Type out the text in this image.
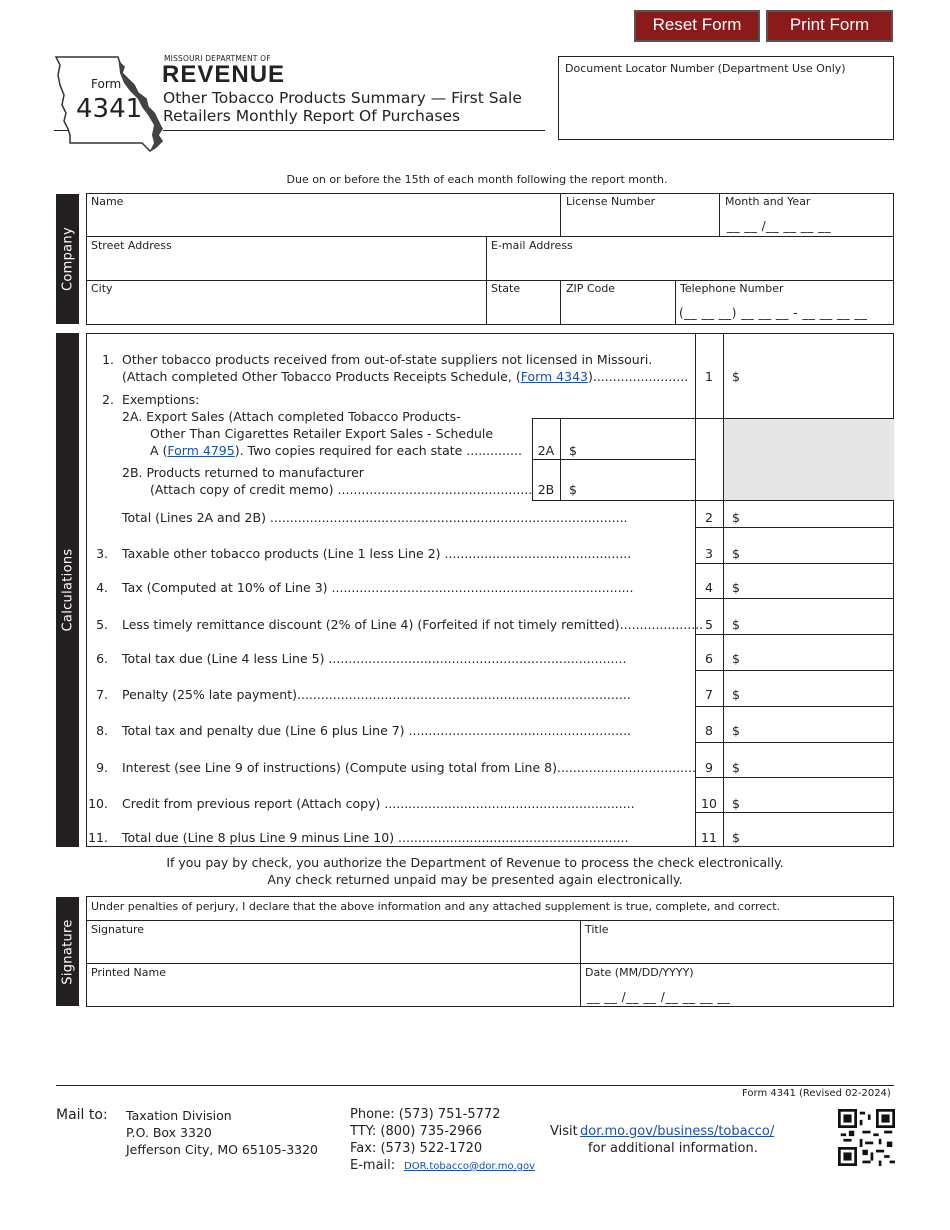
Reset Form	Print Form
Form
4341
MISSOURI DEPARTMENT OF
REVENUE
Other Tobacco Products Summary — First Sale
Retailers Monthly Report Of Purchases
Document Locator Number (Department Use Only)
Due on or before the 15th of each month following the report month.
Company
Name	License Number	Month and Year
__ __ /__ __ __ __
Street Address	E-mail Address
City	State	ZIP Code	Telephone Number
(__ __ __) __ __ __ - __ __ __ __
Calculations
1. Other tobacco products received from out-of-state suppliers not licensed in Missouri.
(Attach completed Other Tobacco Products Receipts Schedule, (Form 4343)........................	1	$
2. Exemptions:
2A. Export Sales (Attach completed Tobacco Products-
Other Than Cigarettes Retailer Export Sales - Schedule
A (Form 4795). Two copies required for each state ..............	2A	$
2B. Products returned to manufacturer
(Attach copy of credit memo) ................................................. 2B	$
Total (Lines 2A and 2B) ..........................................................................................	2	$
3. Taxable other tobacco products (Line 1 less Line 2) ...............................................	3	$
4. Tax (Computed at 10% of Line 3) ............................................................................	4	$
5. Less timely remittance discount (2% of Line 4) (Forfeited if not timely remitted)..................... 5	$
6. Total tax due (Line 4 less Line 5) ...........................................................................	6	$
7. Penalty (25% late payment)....................................................................................	7	$
8. Total tax and penalty due (Line 6 plus Line 7) ........................................................	8	$
9. Interest (see Line 9 of instructions) (Compute using total from Line 8)................................... 9	$
10. Credit from previous report (Attach copy) ...............................................................	10	$
11. Total due (Line 8 plus Line 9 minus Line 10) ..........................................................	11	$
If you pay by check, you authorize the Department of Revenue to process the check electronically.
Any check returned unpaid may be presented again electronically.
Signature
Under penalties of perjury, I declare that the above information and any attached supplement is true, complete, and correct.
Signature	Title
Printed Name	Date (MM/DD/YYYY)
__ __ /__ __ /__ __ __ __
Form 4341 (Revised 02-2024)
Mail to: Taxation Division
P.O. Box 3320
Jefferson City, MO 65105-3320
Phone: (573) 751-5772
TTY: (800) 735-2966
Fax: (573) 522-1720
E-mail: DOR.tobacco@dor.mo.gov
Visit dor.mo.gov/business/tobacco/
for additional information.
